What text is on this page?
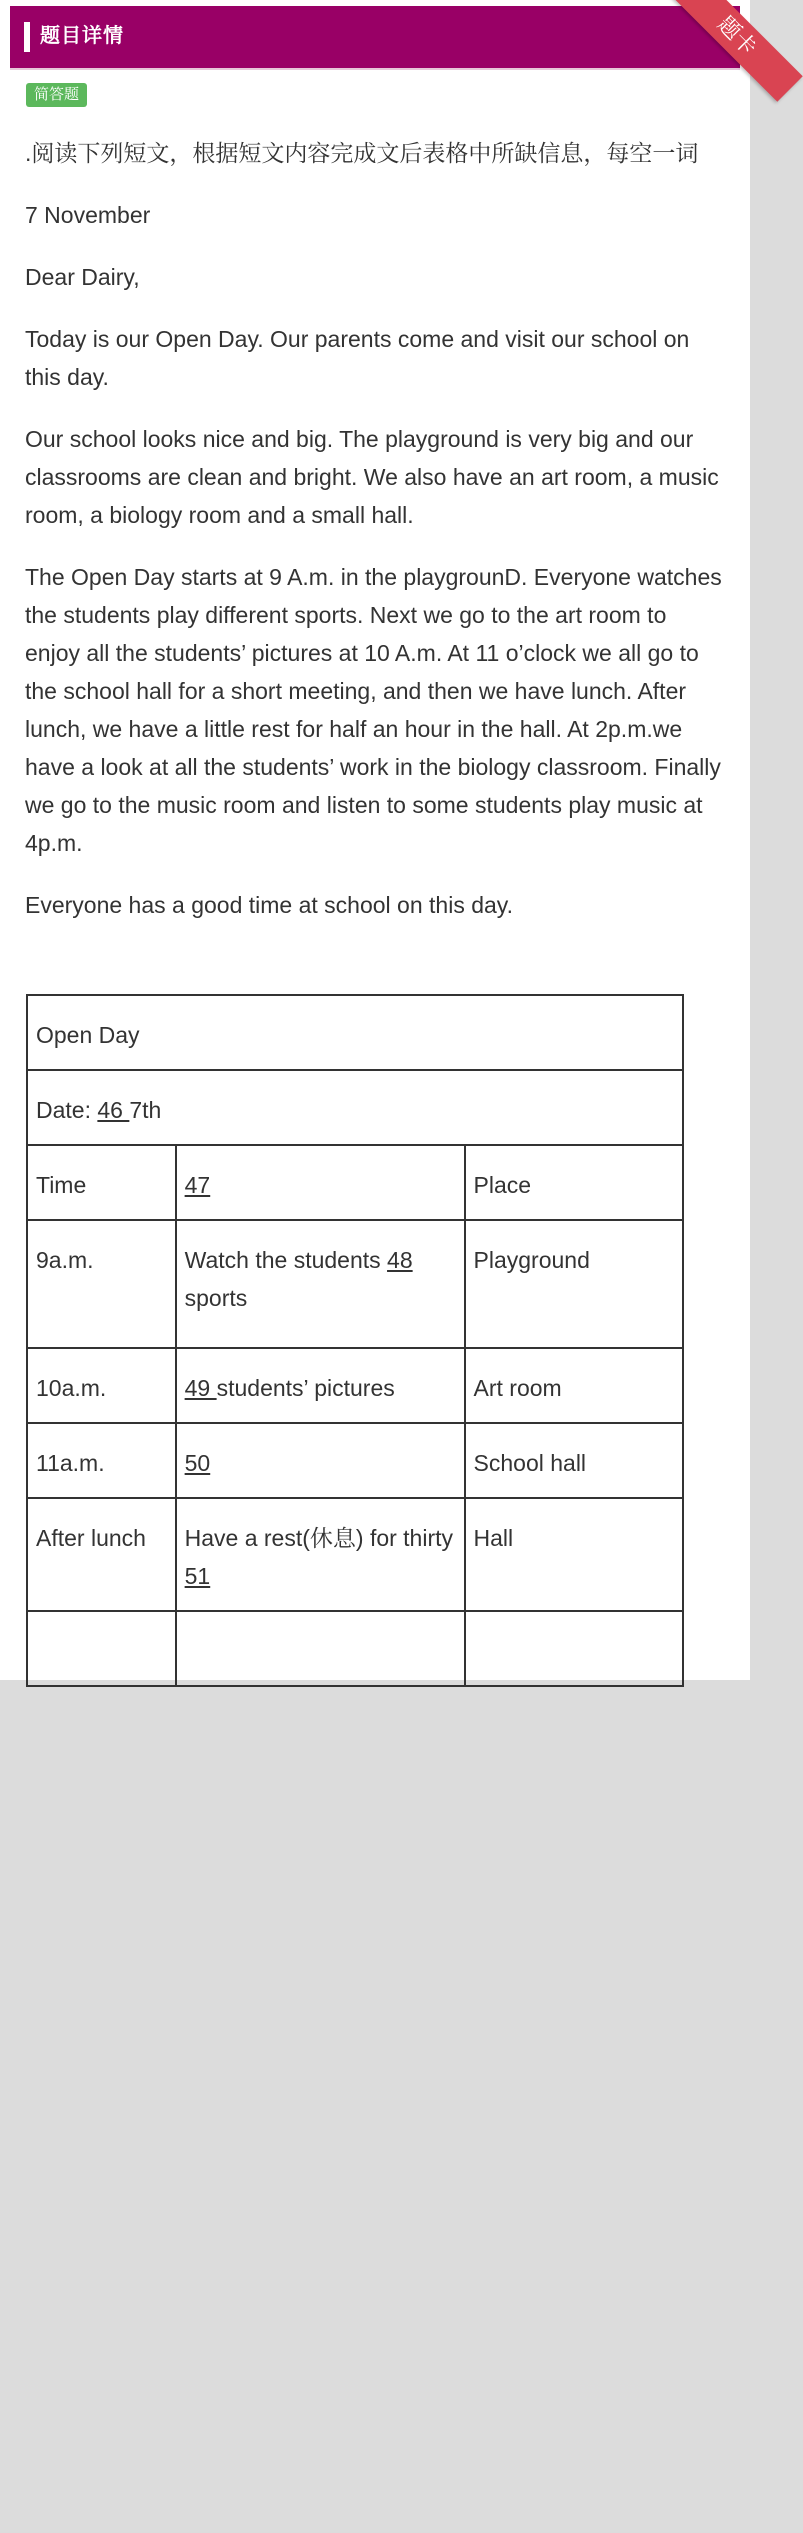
题目详情	题卡
简答题

.阅读下列短文，根据短文内容完成文后表格中所缺信息，每空一词

7 November

Dear Dairy,

Today is our Open Day. Our parents come and visit our school on this day.

Our school looks nice and big. The playground is very big and our classrooms are clean and bright. We also have an art room, a music room, a biology room and a small hall.

The Open Day starts at 9 A.m. in the playgrounD. Everyone watches the students play different sports. Next we go to the art room to enjoy all the students’ pictures at 10 A.m. At 11 o’clock we all go to the school hall for a short meeting, and then we have lunch. After lunch, we have a little rest for half an hour in the hall. At 2p.m.we have a look at all the students’ work in the biology classroom. Finally we go to the music room and listen to some students play music at 4p.m.

Everyone has a good time at school on this day.

Open Day		
Date: 46 7th		
Time	47	Place
9a.m.	Watch the students 48 sports	Playground
10a.m.	49 students’ pictures	Art room
11a.m.	50	School hall
After lunch	Have a rest(休息) for thirty 51	Hall
